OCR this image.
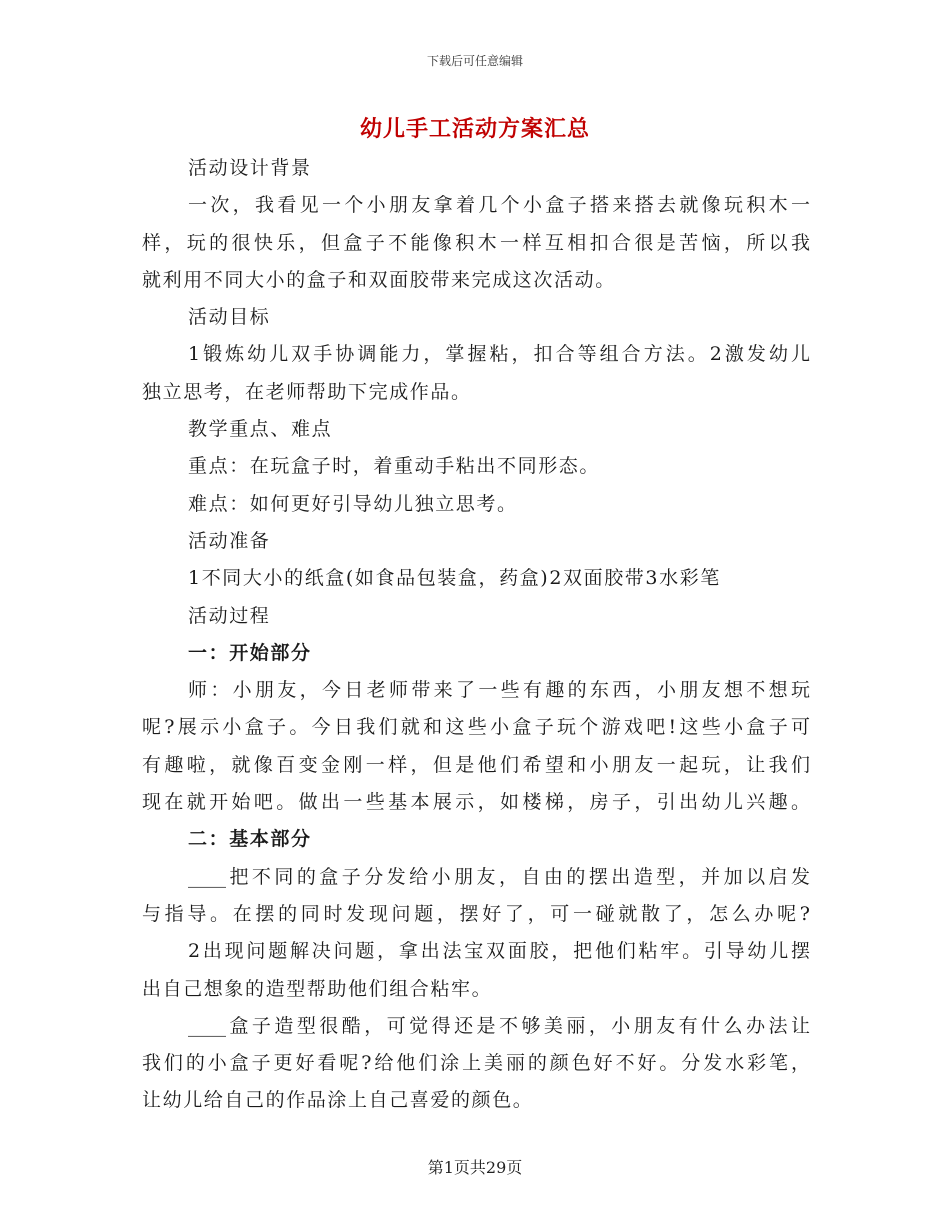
下载后可任意编辑
幼儿手工活动方案汇总
活动设计背景
一次，我看见一个小朋友拿着几个小盒子搭来搭去就像玩积木一
样，玩的很快乐，但盒子不能像积木一样互相扣合很是苦恼，所以我
就利用不同大小的盒子和双面胶带来完成这次活动。
活动目标
1锻炼幼儿双手协调能力，掌握粘，扣合等组合方法。2激发幼儿
独立思考，在老师帮助下完成作品。
教学重点、难点
重点：在玩盒子时，着重动手粘出不同形态。
难点：如何更好引导幼儿独立思考。
活动准备
1不同大小的纸盒(如食品包装盒，药盒)2双面胶带3水彩笔
活动过程
一：开始部分
师：小朋友，今日老师带来了一些有趣的东西，小朋友想不想玩
呢?展示小盒子。今日我们就和这些小盒子玩个游戏吧!这些小盒子可
有趣啦，就像百变金刚一样，但是他们希望和小朋友一起玩，让我们
现在就开始吧。做出一些基本展示，如楼梯，房子，引出幼儿兴趣。
二：基本部分
____把不同的盒子分发给小朋友，自由的摆出造型，并加以启发
与指导。在摆的同时发现问题，摆好了，可一碰就散了，怎么办呢?
2出现问题解决问题，拿出法宝双面胶，把他们粘牢。引导幼儿摆
出自己想象的造型帮助他们组合粘牢。
____盒子造型很酷，可觉得还是不够美丽，小朋友有什么办法让
我们的小盒子更好看呢?给他们涂上美丽的颜色好不好。分发水彩笔，
让幼儿给自己的作品涂上自己喜爱的颜色。
第1页共29页
